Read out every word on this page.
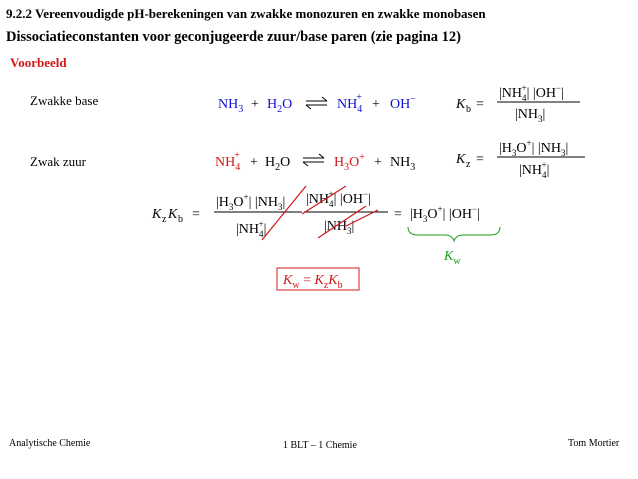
9.2.2 Vereenvoudigde pH-berekeningen van zwakke monozuren en zwakke monobasen
Dissociatieconstanten voor geconjugeerde zuur/base paren (zie pagina 12)
Voorbeeld
Zwakke base
Zwak zuur
$NH_3 + H_2O$	$NH_4+ + OH^-$	K b =
$|NH_4+|$ |OH−|
$|NH_3|$
$NH_4+ + H_2O$	$H_3O^+ + NH_3$
K z =
$|H_3O^+|$ $|NH_3|$
$|NH_4+|$
K z K b =
$|H_3O^+|$ $|NH_3|$
$|NH_4+|$
$|NH_4+|$ |OH−|
$|NH_3|$
= $|H_3O^+|$ |OH−|
$K_w$
$K_w = K_zK_b$
Analytische Chemie	1 BLT – 1 Chemie	Tom Mortier
